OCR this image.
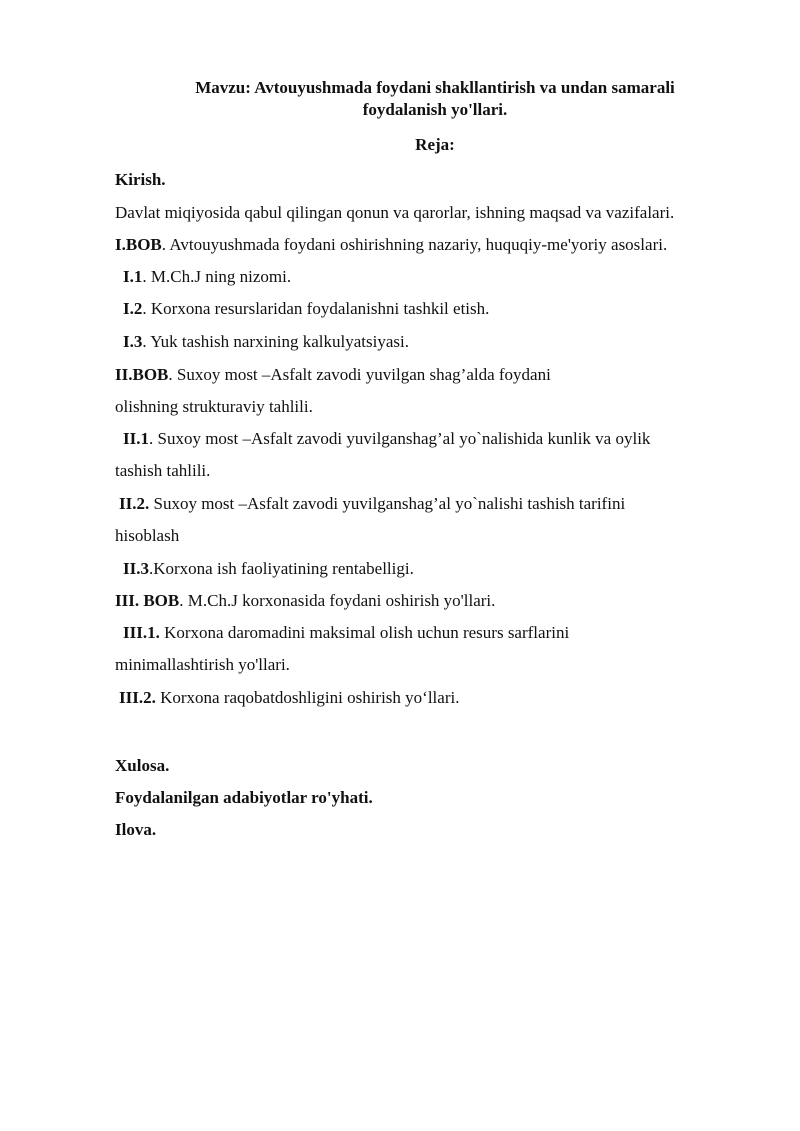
Mavzu: Avtouyushmada foydani shakllantirish va undan samarali
foydalanish yo'llari.
Reja:
Kirish.
Davlat miqiyosida qabul qilingan qonun va qarorlar, ishning maqsad va vazifalari.
I.BOB. Avtouyushmada foydani oshirishning nazariy, huquqiy-me'yoriy asoslari.
I.1. M.Ch.J ning nizomi.
I.2. Korxona resurslaridan foydalanishni tashkil etish.
I.3. Yuk tashish narxining kalkulyatsiyasi.
II.BOB. Suxoy most –Asfalt zavodi yuvilgan shag’alda foydani
olishning strukturaviy tahlili.
II.1. Suxoy most –Asfalt zavodi yuvilganshag’al yo`nalishida kunlik va oylik
tashish tahlili.
II.2. Suxoy most –Asfalt zavodi yuvilganshag’al yo`nalishi tashish tarifini
hisoblash
II.3.Korxona ish faoliyatining rentabelligi.
III. BOB. M.Ch.J korxonasida foydani oshirish yo'llari.
III.1. Korxona daromadini maksimal olish uchun resurs sarflarini
minimallashtirish yo'llari.
III.2. Korxona raqobatdoshligini oshirish yo‘llari.
Xulosa.
Foydalanilgan adabiyotlar ro'yhati.
Ilova.
